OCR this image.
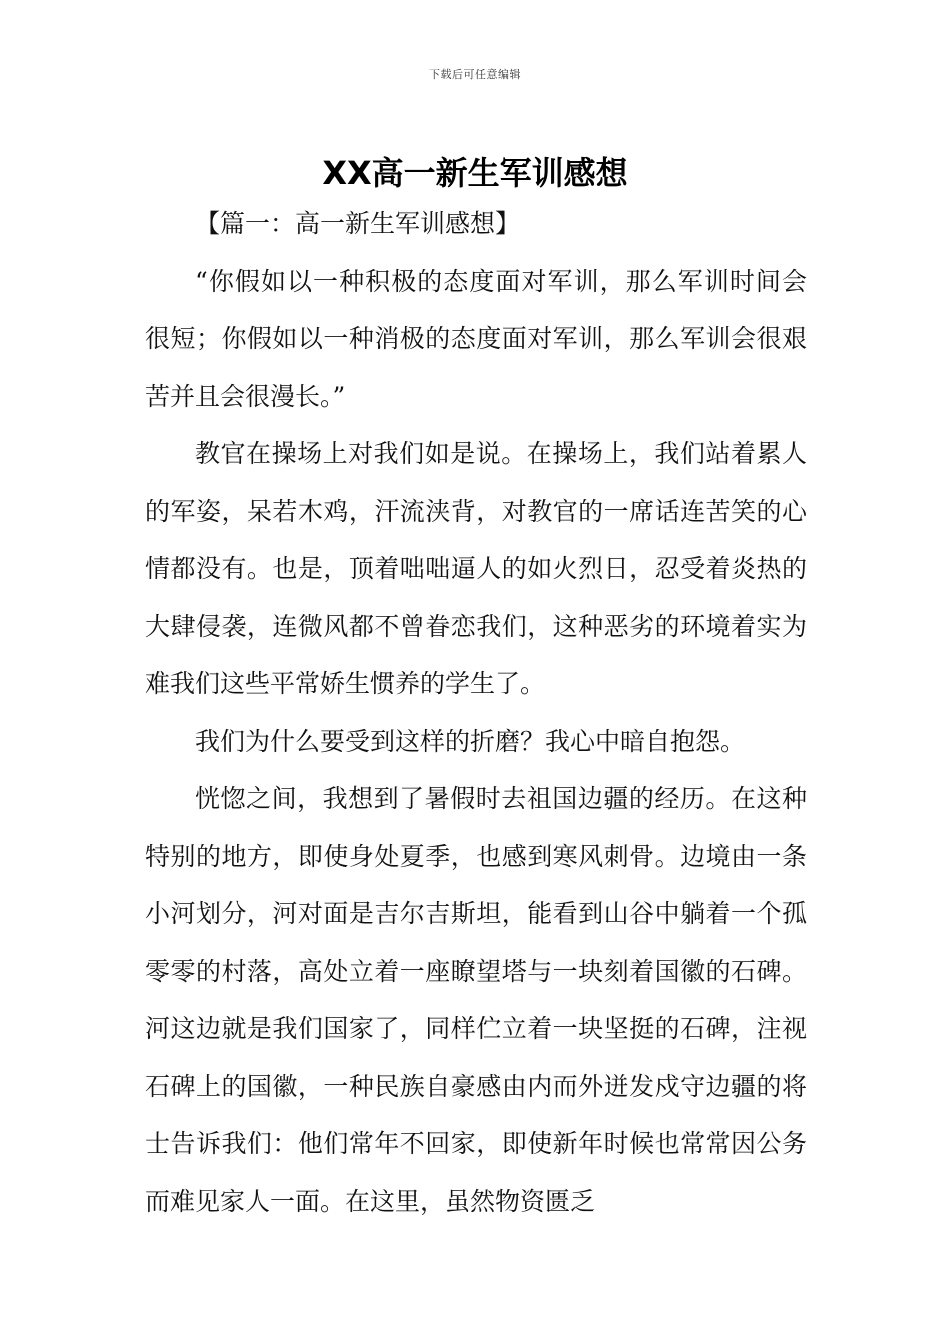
下载后可任意编辑
XX高一新生军训感想

【篇一：高一新生军训感想】

“你假如以一种积极的态度面对军训，那么军训时间会很短；你假如以一种消极的态度面对军训，那么军训会很艰苦并且会很漫长。”

教官在操场上对我们如是说。在操场上，我们站着累人的军姿，呆若木鸡，汗流浃背，对教官的一席话连苦笑的心情都没有。也是，顶着咄咄逼人的如火烈日，忍受着炎热的大肆侵袭，连微风都不曾眷恋我们，这种恶劣的环境着实为难我们这些平常娇生惯养的学生了。

我们为什么要受到这样的折磨？我心中暗自抱怨。

恍惚之间，我想到了暑假时去祖国边疆的经历。在这种特别的地方，即使身处夏季，也感到寒风刺骨。边境由一条小河划分，河对面是吉尔吉斯坦，能看到山谷中躺着一个孤零零的村落，高处立着一座瞭望塔与一块刻着国徽的石碑。河这边就是我们国家了，同样伫立着一块坚挺的石碑，注视石碑上的国徽，一种民族自豪感由内而外迸发戍守边疆的将士告诉我们：他们常年不回家，即使新年时候也常常因公务而难见家人一面。在这里，虽然物资匮乏
